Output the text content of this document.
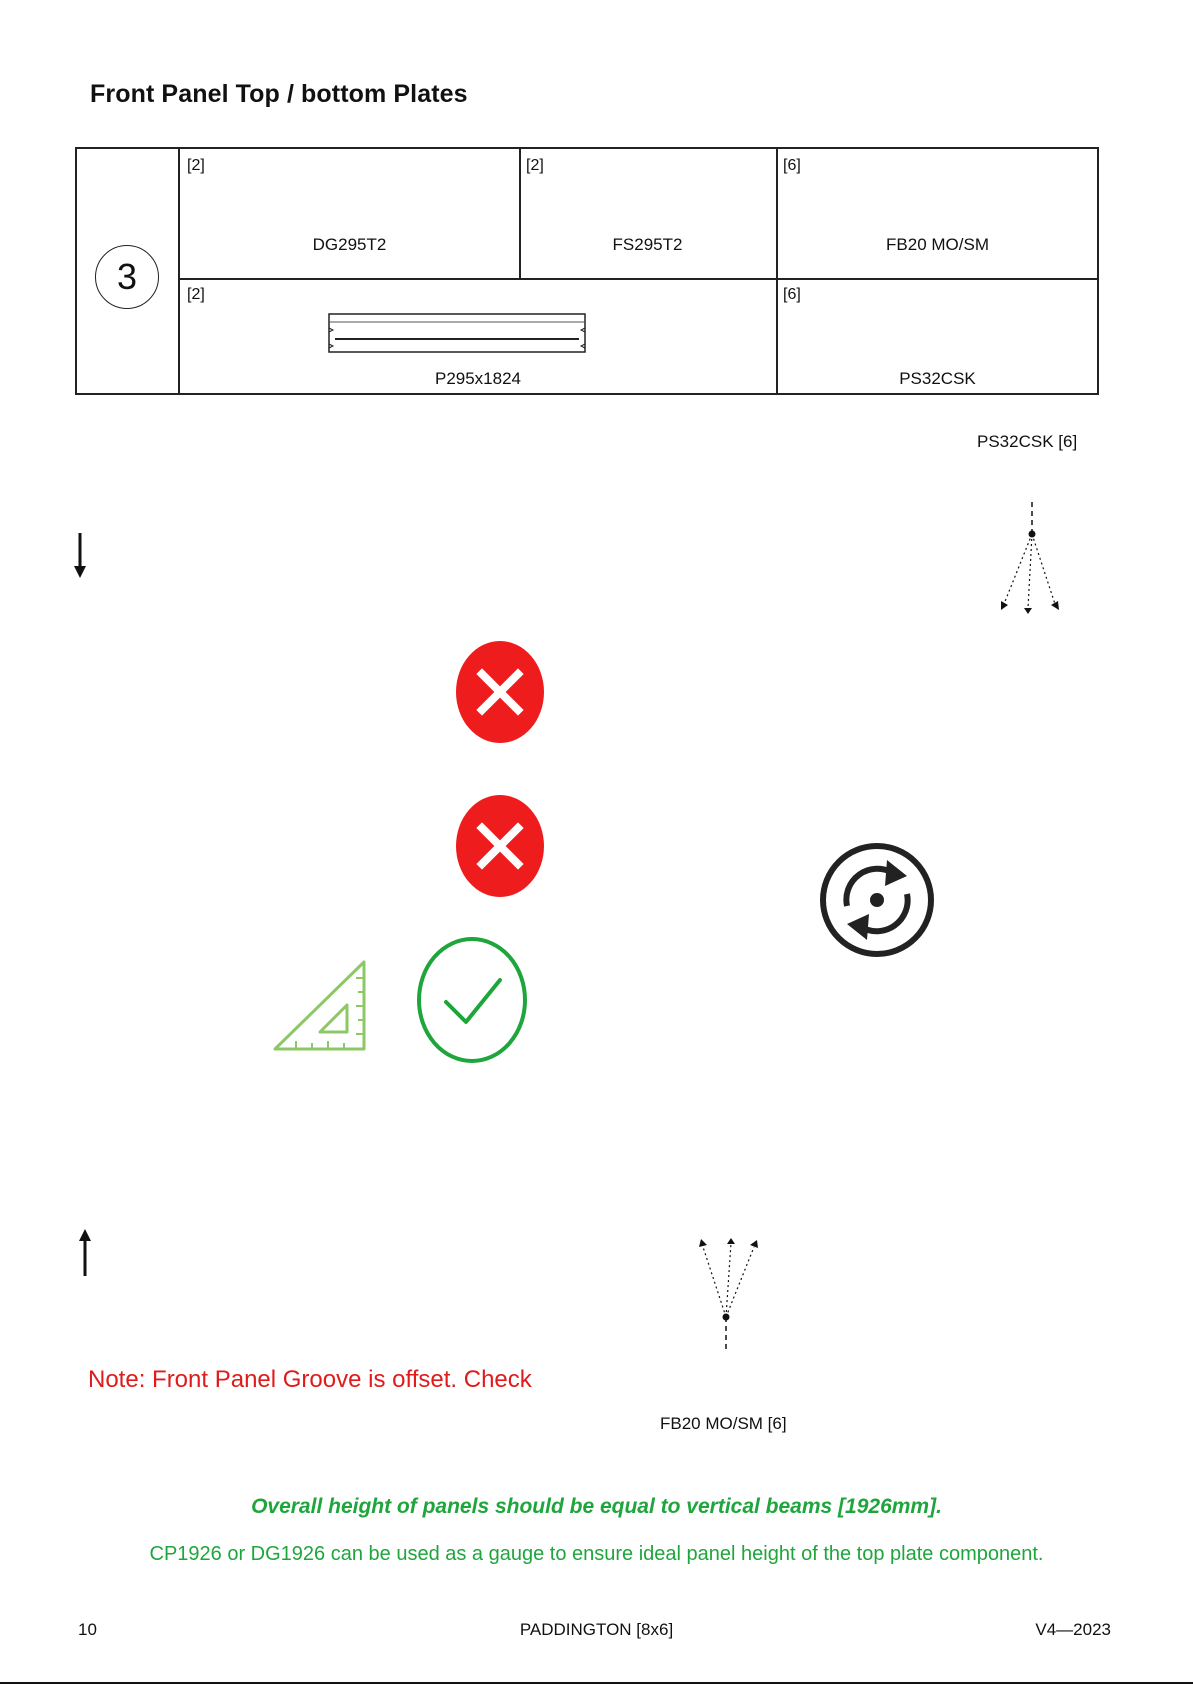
Front Panel Top / bottom Plates
3
[2]
DG295T2
[2]
FS295T2
[6]
FB20 MO/SM
[2]
P295x1824
[6]
PS32CSK
PS32CSK [6]
FB20 MO/SM [6]
Note: Front Panel Groove is offset. Check
Overall height of panels should be equal to vertical beams [1926mm].
CP1926 or DG1926 can be used as a gauge to ensure ideal panel height of the top plate component.
10	PADDINGTON [8x6]	V4—2023
